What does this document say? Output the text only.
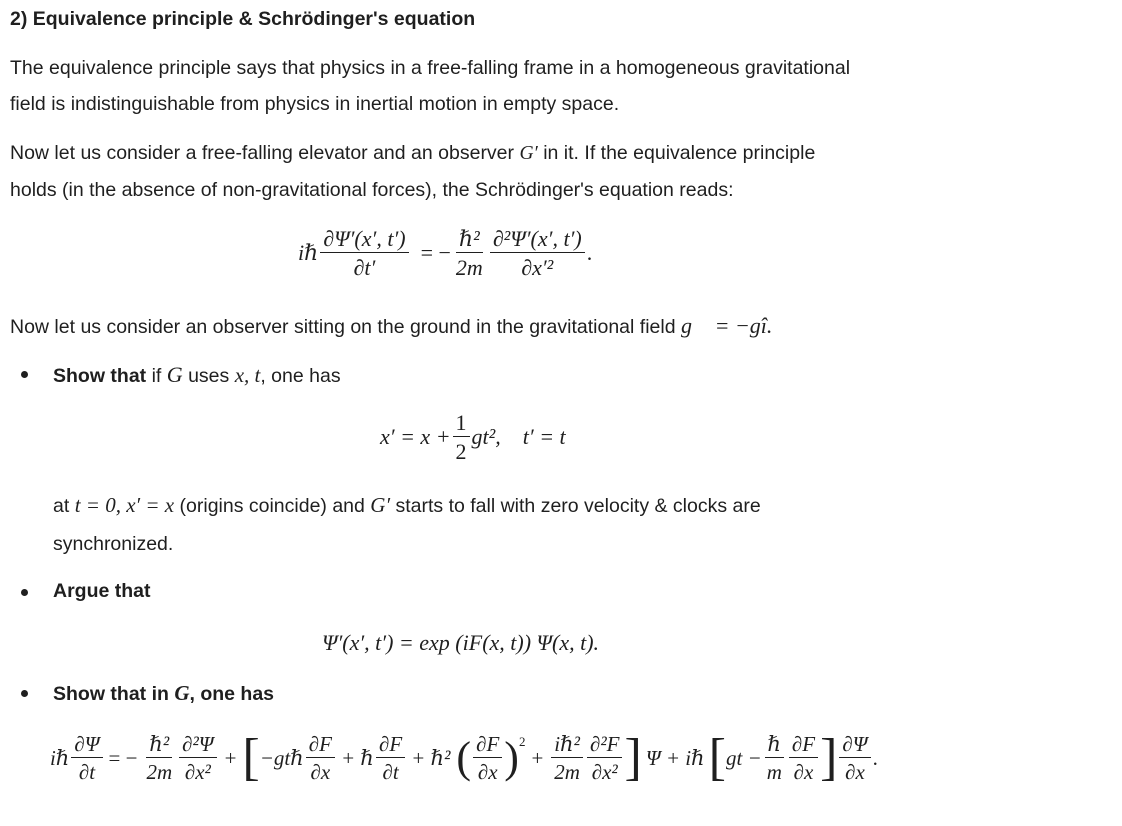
2) Equivalence principle & Schrödinger's equation
The equivalence principle says that physics in a free-falling frame in a homogeneous gravitational
field is indistinguishable from physics in inertial motion in empty space.
Now let us consider a free-falling elevator and an observer G′ in it. If the equivalence principle
holds (in the absence of non-gravitational forces), the Schrödinger's equation reads:
iℏ $\frac{\partial\Psi'(x', t')}{\partial t'}$ = − $\frac{\text{ℏ²}}{2m} \frac{\text{∂²Ψ′(x′, t′)}}{\text{∂x′²}}$ .
Now let us consider an observer sitting on the ground in the gravitational field g⃗ = −gî.
Show that if G uses x, t, one has
$x' = x + \frac{1}{2} gt^2$, t′ = t
at t = 0, x′ = x (origins coincide) and G′ starts to fall with zero velocity & clocks are
synchronized.
Argue that
Ψ′(x′, t′) = exp (iF(x, t)) Ψ(x, t).
Show that in G, one has
iℏ $\frac{\partial\Psi}{\partial t}$ = − $\frac{\text{ℏ²}}{2m} \frac{\text{∂²Ψ}}{\text{∂x²}}$ + [ −gtℏ $\frac{\partial F}{\partial x}$ + ℏ $\frac{\partial F}{\partial t}$ + ℏ² ( $\frac{\partial F}{\partial x} )^2$
+ $\frac{\text{iℏ²}}{2m} \frac{\text{∂²F}}{\text{∂x²}}$ ] Ψ + iℏ [ gt − $\frac{\text{ℏ}}{m} \frac{\partial F}{\partial x}$ ] $\frac{\partial\Psi}{\partial x}$ .
